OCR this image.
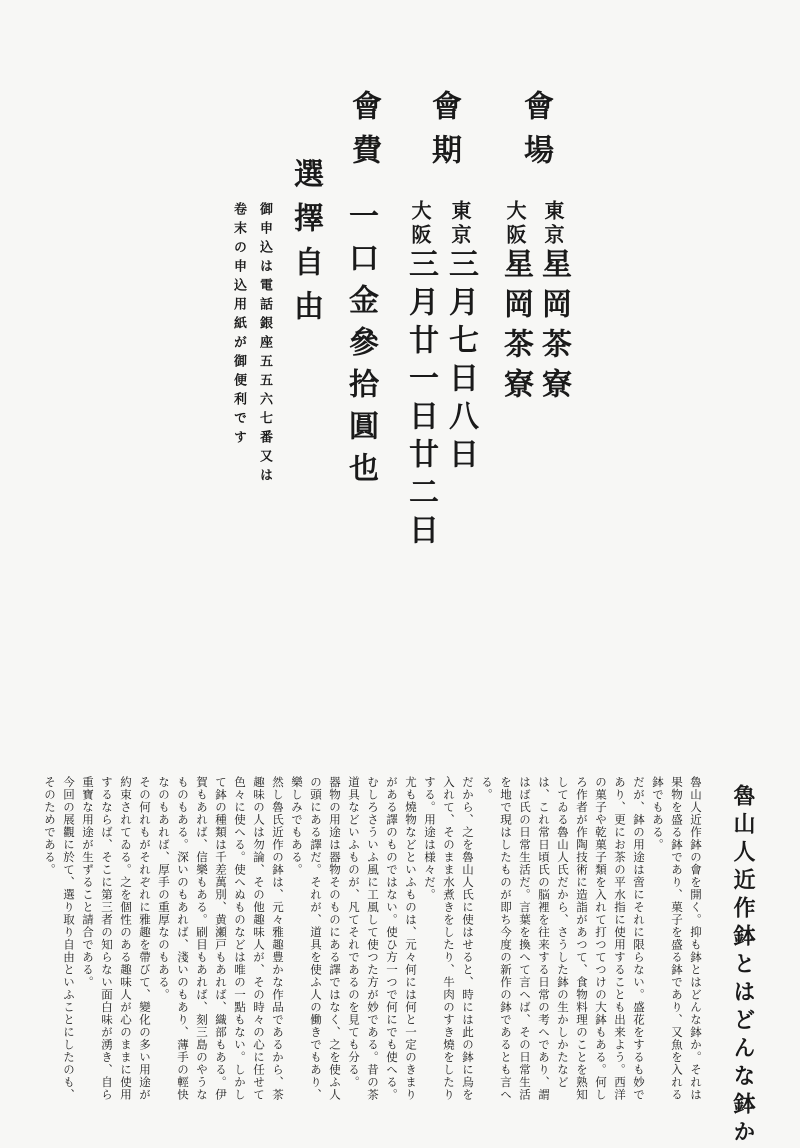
會場
東京星岡茶寮
大阪星岡茶寮
會期
東京三月七日八日
大阪三月廿一日廿二日
會費
一口金參拾圓也
選擇自由
御申込は電話銀座五五六七番又は
卷末の申込用紙が御便利です
魯山人近作鉢とはどんな鉢か

魯山人近作鉢の會を開く。抑も鉢とはどんな鉢か。それは果物を盛る鉢であり、菓子を盛る鉢であり、又魚を入れる鉢でもある。

だが、鉢の用途は啻にそれに限らない。盛花をするも妙であり、更にお茶の平水指に使用することも出来よう。西洋の菓子や乾菓子類を入れて打つてつけの大鉢もある。何しろ作者が作陶技術に造詣があつて、食物料理のことを熟知してゐる魯山人氏だから、さうした鉢の生かしかたなどは、これ常日頃氏の脳裡を往来する日常の考へであり、謂はば氏の日常生活だ。言葉を換へて言へば、その日常生活を地で現はしたものが即ち今度の新作の鉢であるとも言へる。

だから、之を魯山人氏に使はせると、時には此の鉢に烏を入れて、そのまま水煮きをしたり、牛肉のすき燒をしたりする。用途は様々だ。

尤も燒物などといふものは、元々何には何と一定のきまりがある譯のものではない。使ひ方一つで何にでも使へる。むしろさういふ風に工風して使つた方が妙である。昔の茶道具などいふものが、凡てそれであるのを見ても分る。

器物の用途は器物そのものにある譯ではなく、之を使ふ人の頭にある譯だ。それが、道具を使ふ人の働きでもあり、樂しみでもある。

然し魯氏近作の鉢は、元々雅趣豊かな作品であるから、茶趣味の人は勿論、その他趣味人が、その時々の心に任せて色々に使へる。使へぬものなどは唯の一點もない。しかして鉢の種類は千差萬別、黄瀬戸もあれば、織部もある。伊賀もあれば、信樂もある。刷目もあれば、刻三島のやうなものもある。深いのもあれば、淺いのもあり、薄手の輕快なのもあれば、厚手の重厚なのもある。

その何れもがそれぞれに雅趣を帶びて、變化の多い用途が約束されてゐる。之を個性のある趣味人が心のままに使用するならば、そこに第三者の知らない面白味が湧き、自ら重寶な用途が生ずること請合である。

今回の展觀に於て、選り取り自由といふことにしたのも、そのためである。
